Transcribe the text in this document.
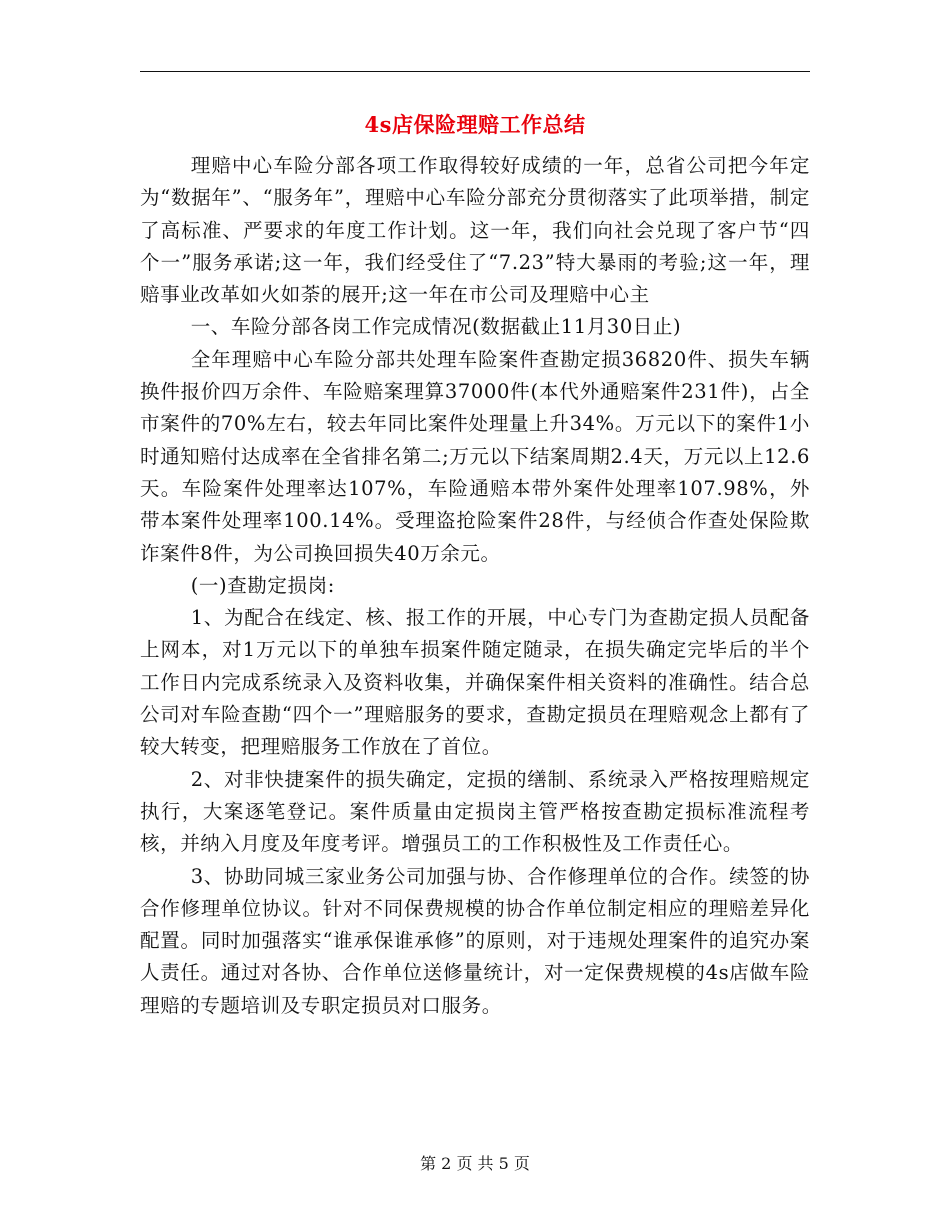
4s店保险理赔工作总结

理赔中心车险分部各项工作取得较好成绩的一年，总省公司把今年定为“数据年”、“服务年”，理赔中心车险分部充分贯彻落实了此项举措，制定了高标准、严要求的年度工作计划。这一年，我们向社会兑现了客户节“四个一”服务承诺;这一年，我们经受住了“7.23”特大暴雨的考验;这一年，理赔事业改革如火如荼的展开;这一年在市公司及理赔中心主

一、车险分部各岗工作完成情况(数据截止11月30日止)

全年理赔中心车险分部共处理车险案件查勘定损36820件、损失车辆换件报价四万余件、车险赔案理算37000件(本代外通赔案件231件)，占全市案件的70%左右，较去年同比案件处理量上升34%。万元以下的案件1小时通知赔付达成率在全省排名第二;万元以下结案周期2.4天，万元以上12.6天。车险案件处理率达107%，车险通赔本带外案件处理率107.98%，外带本案件处理率100.14%。受理盗抢险案件28件，与经侦合作查处保险欺诈案件8件，为公司换回损失40万余元。

(一)查勘定损岗:

1、为配合在线定、核、报工作的开展，中心专门为查勘定损人员配备上网本，对1万元以下的单独车损案件随定随录，在损失确定完毕后的半个工作日内完成系统录入及资料收集，并确保案件相关资料的准确性。结合总公司对车险查勘“四个一”理赔服务的要求，查勘定损员在理赔观念上都有了较大转变，把理赔服务工作放在了首位。

2、对非快捷案件的损失确定，定损的缮制、系统录入严格按理赔规定执行，大案逐笔登记。案件质量由定损岗主管严格按查勘定损标准流程考核，并纳入月度及年度考评。增强员工的工作积极性及工作责任心。

3、协助同城三家业务公司加强与协、合作修理单位的合作。续签的协合作修理单位协议。针对不同保费规模的协合作单位制定相应的理赔差异化配置。同时加强落实“谁承保谁承修”的原则，对于违规处理案件的追究办案人责任。通过对各协、合作单位送修量统计，对一定保费规模的4s店做车险理赔的专题培训及专职定损员对口服务。

第 2 页 共 5 页
